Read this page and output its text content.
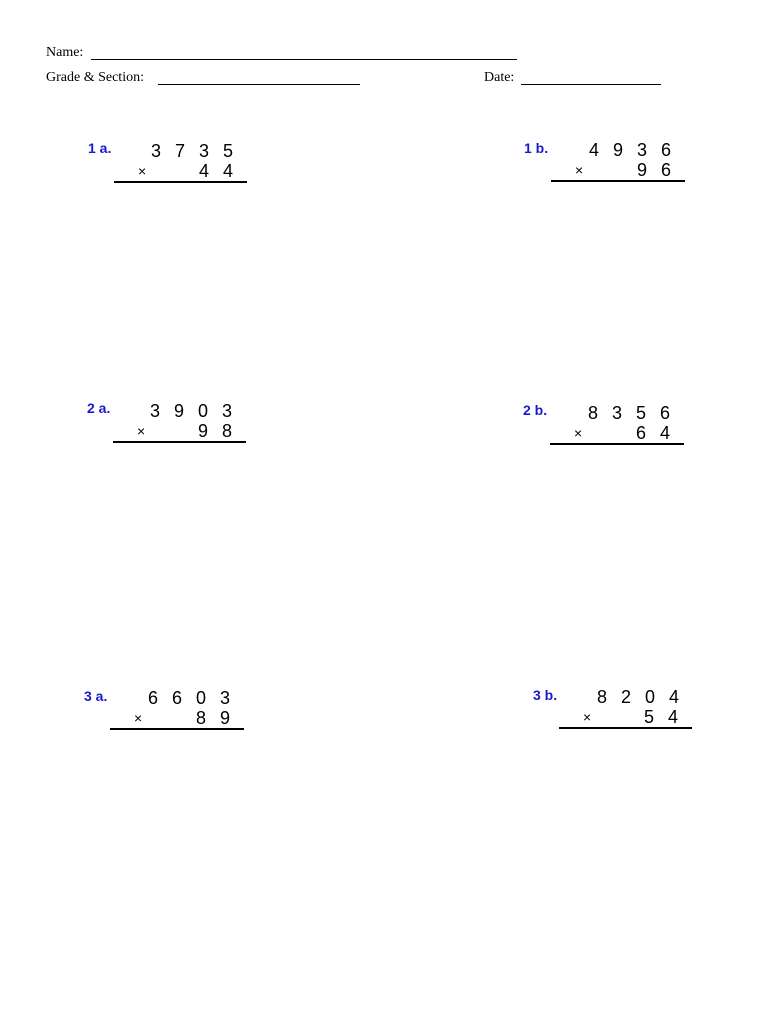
Name:
Grade & Section:	Date:
1 a.	3 7 3 5
×	4 4
1 b.	4 9 3 6
×	9 6
2 a.	3 9 0 3
×	9 8
2 b.	8 3 5 6
×	6 4
3 a.	6 6 0 3
×	8 9
3 b.	8 2 0 4
×	5 4
